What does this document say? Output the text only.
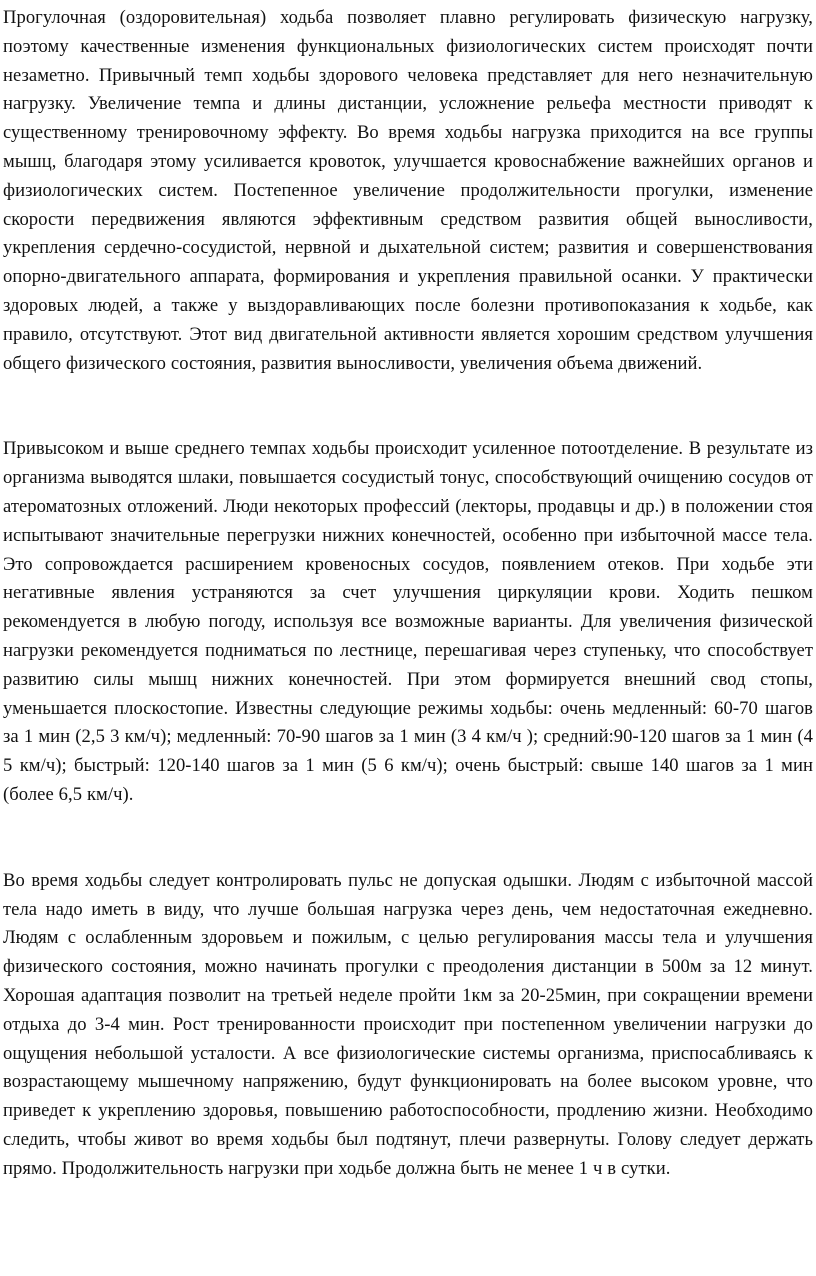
Прогулочная (оздоровительная) ходьба позволяет плавно регулировать физическую нагрузку, поэтому качественные изменения функциональных физиологических систем происходят почти незаметно. Привычный темп ходьбы здорового человека представляет для него незначительную нагрузку. Увеличение темпа и длины дистанции, усложнение рельефа местности приводят к существенному тренировочному эффекту. Во время ходьбы нагрузка приходится на все группы мышц, благодаря этому усиливается кровоток, улучшается кровоснабжение важнейших органов и физиологических систем. Постепенное увеличение продолжительности прогулки, изменение скорости передвижения являются эффективным средством развития общей выносливости, укрепления сердечно-сосудистой, нервной и дыхательной систем; развития и совершенствования опорно-двигательного аппарата, формирования и укрепления правильной осанки. У практически здоровых людей, а также у выздоравливающих после болезни противопоказания к ходьбе, как правило, отсутствуют. Этот вид двигательной активности является хорошим средством улучшения общего физического состояния, развития выносливости, увеличения объема движений.

Привысоком и выше среднего темпах ходьбы происходит усиленное потоотделение. В результате из организма выводятся шлаки, повышается сосудистый тонус, способствующий очищению сосудов от атероматозных отложений. Люди некоторых профессий (лекторы, продавцы и др.) в положении стоя испытывают значительные перегрузки нижних конечностей, особенно при избыточной массе тела. Это сопровождается расширением кровеносных сосудов, появлением отеков. При ходьбе эти негативные явления устраняются за счет улучшения циркуляции крови. Ходить пешком рекомендуется в любую погоду, используя все возможные варианты. Для увеличения физической нагрузки рекомендуется подниматься по лестнице, перешагивая через ступеньку, что способствует развитию силы мышц нижних конечностей. При этом формируется внешний свод стопы, уменьшается плоскостопие. Известны следующие режимы ходьбы: очень медленный: 60-70 шагов за 1 мин (2,5 3 км/ч); медленный: 70-90 шагов за 1 мин (3 4 км/ч ); средний:90-120 шагов за 1 мин (4 5 км/ч); быстрый: 120-140 шагов за 1 мин (5 6 км/ч); очень быстрый: свыше 140 шагов за 1 мин (более 6,5 км/ч).

Во время ходьбы следует контролировать пульс не допуская одышки. Людям с избыточной массой тела надо иметь в виду, что лучше большая нагрузка через день, чем недостаточная ежедневно. Людям с ослабленным здоровьем и пожилым, с целью регулирования массы тела и улучшения физического состояния, можно начинать прогулки с преодоления дистанции в 500м за 12 минут. Хорошая адаптация позволит на третьей неделе пройти 1км за 20-25мин, при сокращении времени отдыха до 3-4 мин. Рост тренированности происходит при постепенном увеличении нагрузки до ощущения небольшой усталости. А все физиологические системы организма, приспосабливаясь к возрастающему мышечному напряжению, будут функционировать на более высоком уровне, что приведет к укреплению здоровья, повышению работоспособности, продлению жизни. Необходимо следить, чтобы живот во время ходьбы был подтянут, плечи развернуты. Голову следует держать прямо. Продолжительность нагрузки при ходьбе должна быть не менее 1 ч в сутки.
